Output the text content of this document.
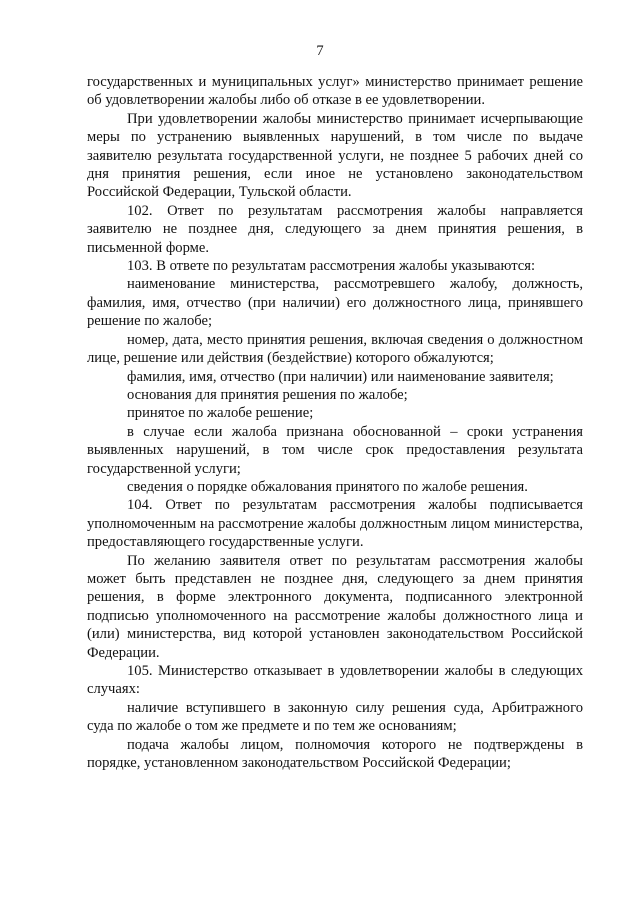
7

государственных и муниципальных услуг» министерство принимает решение об удовлетворении жалобы либо об отказе в ее удовлетворении.

При удовлетворении жалобы министерство принимает исчерпывающие меры по устранению выявленных нарушений, в том числе по выдаче заявителю результата государственной услуги, не позднее 5 рабочих дней со дня принятия решения, если иное не установлено законодательством Российской Федерации, Тульской области.

102. Ответ по результатам рассмотрения жалобы направляется заявителю не позднее дня, следующего за днем принятия решения, в письменной форме.

103. В ответе по результатам рассмотрения жалобы указываются:

наименование министерства, рассмотревшего жалобу, должность, фамилия, имя, отчество (при наличии) его должностного лица, принявшего решение по жалобе;

номер, дата, место принятия решения, включая сведения о должностном лице, решение или действия (бездействие) которого обжалуются;

фамилия, имя, отчество (при наличии) или наименование заявителя;

основания для принятия решения по жалобе;

принятое по жалобе решение;

в случае если жалоба признана обоснованной – сроки устранения выявленных нарушений, в том числе срок предоставления результата государственной услуги;

сведения о порядке обжалования принятого по жалобе решения.

104. Ответ по результатам рассмотрения жалобы подписывается уполномоченным на рассмотрение жалобы должностным лицом министерства, предоставляющего государственные услуги.

По желанию заявителя ответ по результатам рассмотрения жалобы может быть представлен не позднее дня, следующего за днем принятия решения, в форме электронного документа, подписанного электронной подписью уполномоченного на рассмотрение жалобы должностного лица и (или) министерства, вид которой установлен законодательством Российской Федерации.

105. Министерство отказывает в удовлетворении жалобы в следующих случаях:

наличие вступившего в законную силу решения суда, Арбитражного суда по жалобе о том же предмете и по тем же основаниям;

подача жалобы лицом, полномочия которого не подтверждены в порядке, установленном законодательством Российской Федерации;
